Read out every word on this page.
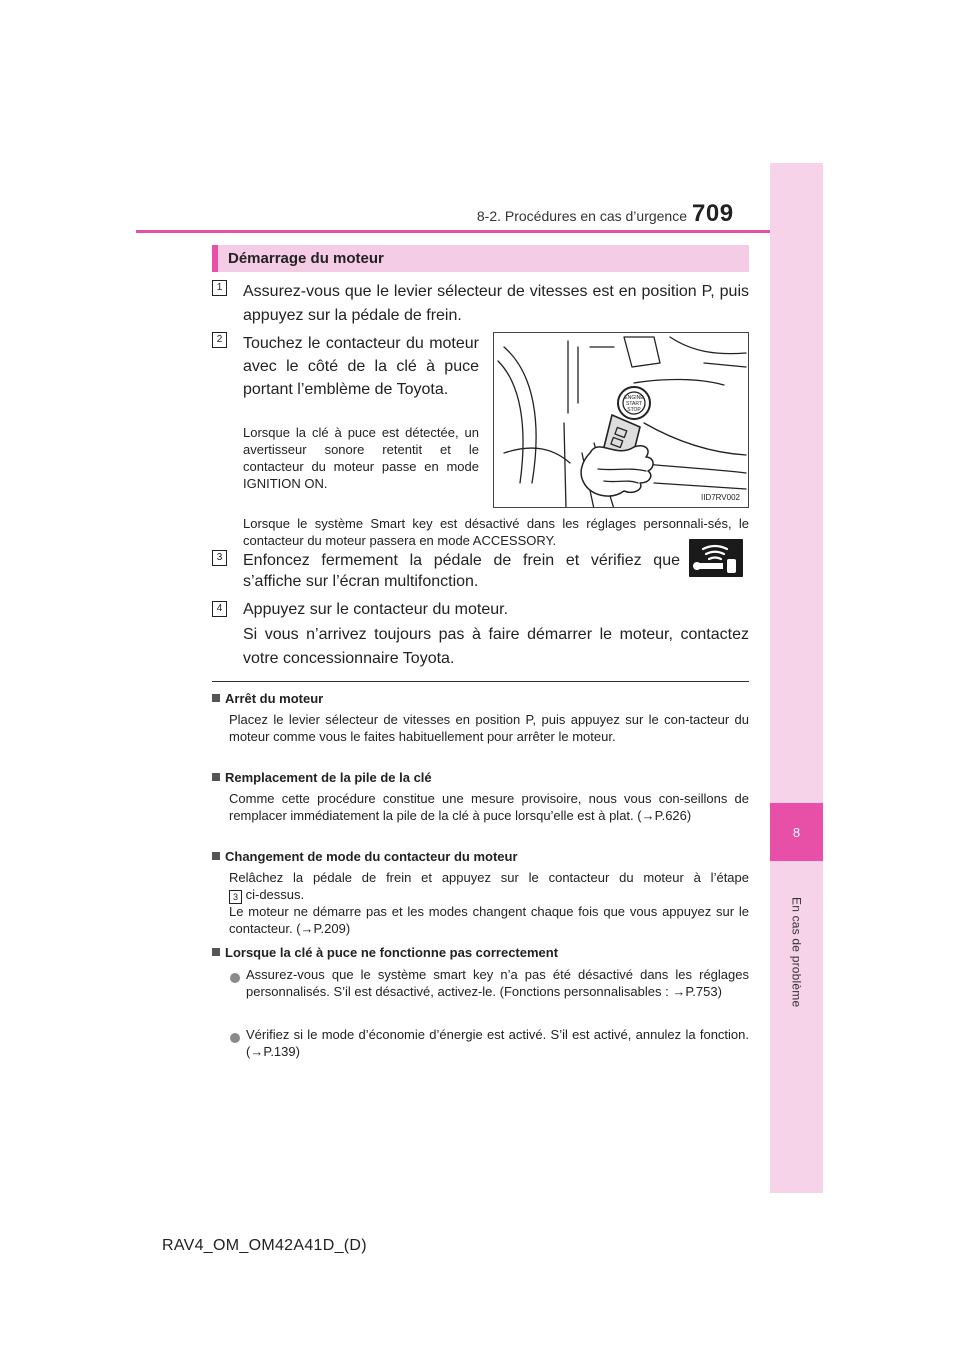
8-2. Procédures en cas d’urgence 709
8
En cas de problème
Démarrage du moteur
1 Assurez-vous que le levier sélecteur de vitesses est en position P, puis appuyez sur la pédale de frein.
2 Touchez le contacteur du moteur avec le côté de la clé à puce portant l’emblème de Toyota.
Lorsque la clé à puce est détectée, un avertisseur sonore retentit et le contacteur du moteur passe en mode IGNITION ON.
Lorsque le système Smart key est désactivé dans les réglages personnali-sés, le contacteur du moteur passera en mode ACCESSORY.
ENGINE
START
STOP
IID7RV002
3 Enfoncez fermement la pédale de frein et vérifiez que
s’affiche sur l’écran multifonction.
4 Appuyez sur le contacteur du moteur.
Si vous n’arrivez toujours pas à faire démarrer le moteur, contactez votre concessionnaire Toyota.
Arrêt du moteur
Placez le levier sélecteur de vitesses en position P, puis appuyez sur le con-tacteur du moteur comme vous le faites habituellement pour arrêter le moteur.
Remplacement de la pile de la clé
Comme cette procédure constitue une mesure provisoire, nous vous con-seillons de remplacer immédiatement la pile de la clé à puce lorsqu’elle est à plat. (→P.626)
Changement de mode du contacteur du moteur
Relâchez la pédale de frein et appuyez sur le contacteur du moteur à l’étape
3 ci-dessus.
Le moteur ne démarre pas et les modes changent chaque fois que vous appuyez sur le contacteur. (→P.209)
Lorsque la clé à puce ne fonctionne pas correctement
Assurez-vous que le système smart key n’a pas été désactivé dans les réglages personnalisés. S’il est désactivé, activez-le. (Fonctions personnalisables : →P.753)
Vérifiez si le mode d’économie d’énergie est activé. S’il est activé, annulez la fonction. (→P.139)
RAV4_OM_OM42A41D_(D)
